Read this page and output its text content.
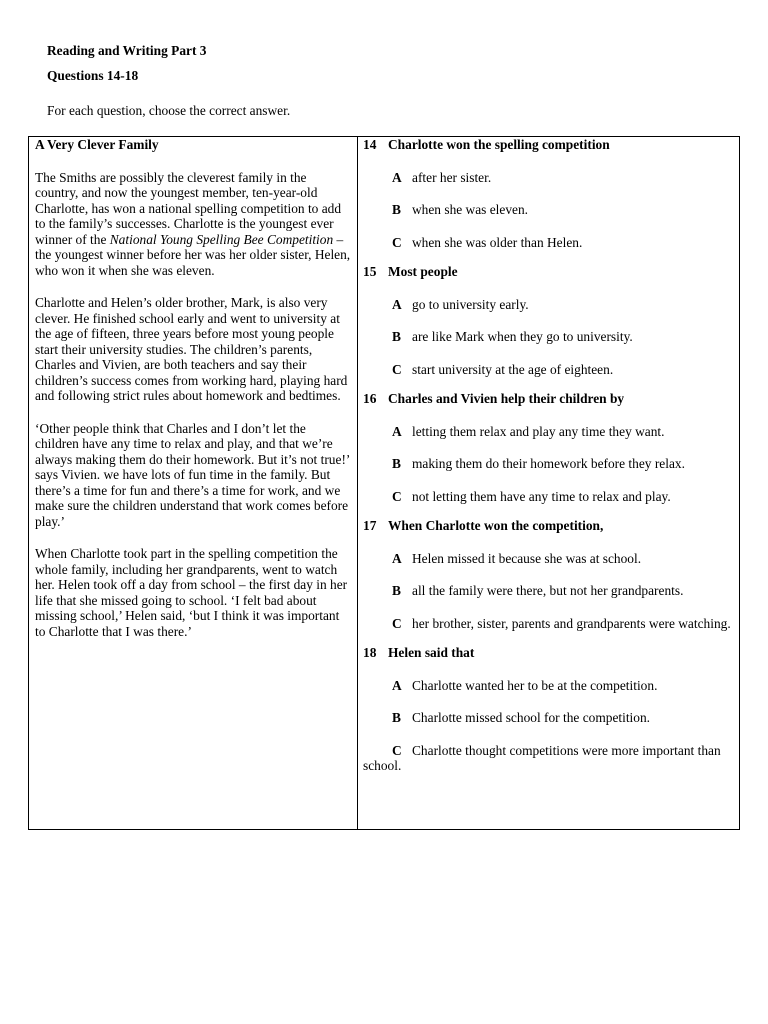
Reading and Writing Part 3

Questions 14-18

For each question, choose the correct answer.

A Very Clever Family

The Smiths are possibly the cleverest family in the country, and now the youngest member, ten-year-old Charlotte, has won a national spelling competition to add to the family’s successes. Charlotte is the youngest ever winner of the National Young Spelling Bee Competition – the youngest winner before her was her older sister, Helen, who won it when she was eleven.

Charlotte and Helen’s older brother, Mark, is also very clever. He finished school early and went to university at the age of fifteen, three years before most young people start their university studies. The children’s parents, Charles and Vivien, are both teachers and say their children’s success comes from working hard, playing hard and following strict rules about homework and bedtimes.

‘Other people think that Charles and I don’t let the children have any time to relax and play, and that we’re always making them do their homework. But it’s not true!’ says Vivien. we have lots of fun time in the family. But there’s a time for fun and there’s a time for work, and we make sure the children understand that work comes before play.’

When Charlotte took part in the spelling competition the whole family, including her grandparents, went to watch her. Helen took off a day from school – the first day in her life that she missed going to school. ‘I felt bad about missing school,’ Helen said, ‘but I think it was important to Charlotte that I was there.’

14 Charlotte won the spelling competition

A after her sister.

B when she was eleven.

C when she was older than Helen.

15 Most people

A go to university early.

B are like Mark when they go to university.

C start university at the age of eighteen.

16 Charles and Vivien help their children by

A letting them relax and play any time they want.

B making them do their homework before they relax.

C not letting them have any time to relax and play.

17 When Charlotte won the competition,

A Helen missed it because she was at school.

B all the family were there, but not her grandparents.

C her brother, sister, parents and grandparents were watching.

18 Helen said that

A Charlotte wanted her to be at the competition.

B Charlotte missed school for the competition.

C Charlotte thought competitions were more important than school.
